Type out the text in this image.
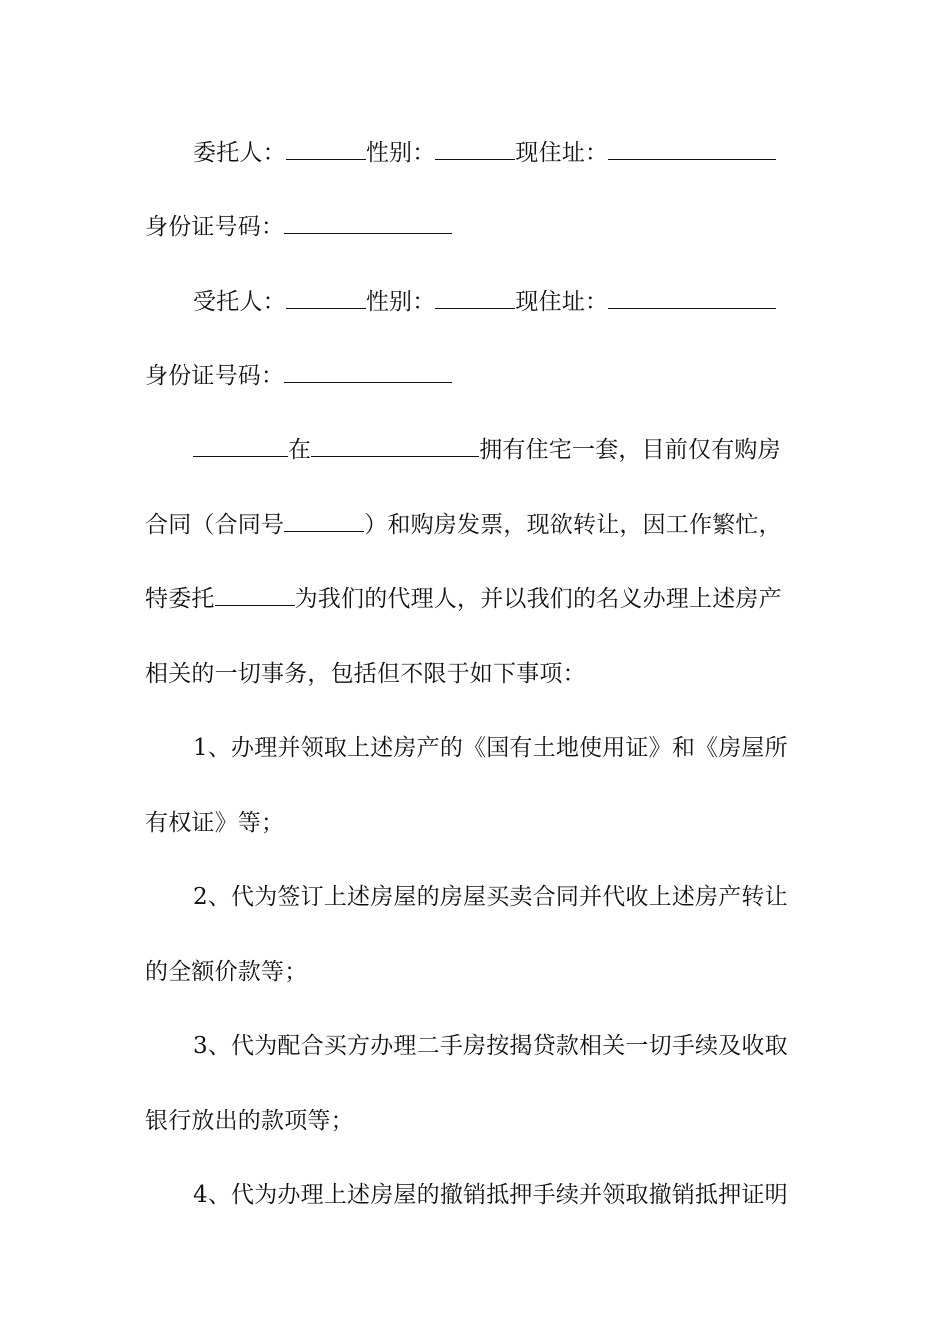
委托人：	性别：	现住址：
身份证号码：
受托人：	性别：	现住址：
身份证号码：
在	拥有住宅一套，目前仅有购房
合同（合同号	）和购房发票，现欲转让，因工作繁忙，
特委托	为我们的代理人，并以我们的名义办理上述房产
相关的一切事务，包括但不限于如下事项：
1、办理并领取上述房产的《国有土地使用证》和《房屋所
有权证》等；
2、代为签订上述房屋的房屋买卖合同并代收上述房产转让
的全额价款等；
3、代为配合买方办理二手房按揭贷款相关一切手续及收取
银行放出的款项等；
4、代为办理上述房屋的撤销抵押手续并领取撤销抵押证明
